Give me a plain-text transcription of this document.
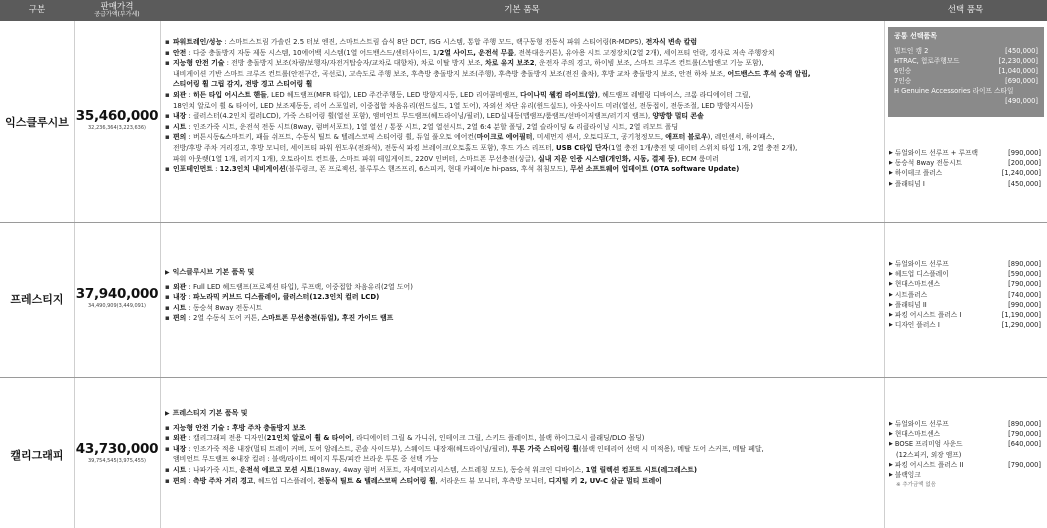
구분	판매가격
공급가액(부가세)	기본 품목	선택 품목
익스클루시브 35,460,000
32,236,364(3,223,636)
▪ 파워트레인/성능 : 스마트스트림 가솔린 2.5 터보 엔진, 스마트스트림 습식 8단 DCT, ISG 시스템, 통합 주행 모드, 랙구동형 전동식 파워 스티어링(R-MDPS), 전자식 변속 칼럼
▪ 안전 : 다중 충돌방지 자동 제동 시스템, 10에어백 시스템(1열 어드밴스드/센터사이드, 1/2열 사이드, 운전석 무릎, 전복대응커튼), 유아용 시트 고정장치(2열 2개), 세이프티 언락, 경사로 저속 주행장치
▪ 지능형 안전 기술 : 전방 충돌방지 보조(차량/보행자/자전거탑승자/교차로 대향차), 차로 이탈 방지 보조, 차로 유지 보조2, 운전자 주의 경고, 하이빔 보조, 스마트 크루즈 컨트롤(스탑앤고 기능 포함),
내비게이션 기반 스마트 크루즈 컨트롤(안전구간, 곡선로), 고속도로 주행 보조, 후측방 충돌방지 보조(주행), 후측방 충돌방지 보조(전진 출차), 후방 교차 충돌방지 보조, 안전 하차 보조, 어드밴스드 후석 승객 알림,
스티어링 휠 그립 감지, 전방 경고 스티어링 휠
▪ 외관 : 히든 타입 어시스트 핸들, LED 헤드램프(MFR 타입), LED 주간주행등, LED 방향지시등, LED 리어콤비램프, 다이나믹 웰컴 라이트(앞), 헤드램프 레벨링 디바이스, 크롬 라디에이터 그릴,
18인치 알로이 휠 & 타이어, LED 보조제동등, 리어 스포일러, 이중접합 차음유리(윈드실드, 1열 도어), 자외선 차단 유리(윈드실드), 아웃사이드 미러(열선, 전동접이, 전동조절, LED 방향지시등)
▪ 내장 : 클러스터(4.2인치 컬러LCD), 가죽 스티어링 휠(열선 포함), 앰비언트 무드램프(헤드라이닝/필러), LED실내등(맵램프/룸램프/선바이저램프/러기지 램프), 양방향 멀티 콘솔
▪ 시트 : 인조가죽 시트, 운전석 전동 시트(8way, 럼버서포트), 1열 열선 / 통풍 시트, 2열 열선시트, 2열 6:4 분할 폴딩, 2열 슬라이딩 & 리클라이닝 시트, 2열 리모트 폴딩
▪ 편의 : 버튼시동&스마트키, 패들 쉬프트, 수동식 틸트 & 텔레스코픽 스티어링 휠, 듀얼 풀오토 에어컨(마이크로 에어필터, 미세먼지 센서, 오토디포그, 공기청정모드, 애프터 블로우), 레인센서, 하이패스,
전방/후방 주차 거리경고, 후방 모니터, 세이프티 파워 윈도우(전좌석), 전동식 파킹 브레이크(오토홀드 포함), 후드 가스 리프터, USB C타입 단자(1열 충전 1개/충전 및 데이터 스위치 타입 1개, 2열 충전 2개),
파워 아웃렛(1열 1개, 러기지 1개), 오토라이트 컨트롤, 스마트 파워 테일게이트, 220V 인버터, 스마트폰 무선충전(싱글), 실내 지문 인증 시스템(개인화, 시동, 결제 등), ECM 룸미러
▪ 인포테인먼트 : 12.3인치 내비게이션(블루링크, 폰 프로젝션, 블루투스 핸즈프리, 6스피커, 현대 카페이/e hi-pass, 후석 취침모드), 무선 소프트웨어 업데이트 (OTA software Update)
공통 선택품목
빌트인 캠 2	[450,000]
HTRAC, 험로주행모드	[2,230,000]
6인승	[1,040,000]
7인승	[690,000]
H Genuine Accessories 라이프 스타일
[490,000]
▶ 듀얼와이드 선루프 + 루프랙	[990,000]
▶ 동승석 8way 전동시트	[200,000]
▶ 하이테크 플러스	[1,240,000]
▶ 플래티넘 I	[450,000]
프레스티지 37,940,000
34,490,909(3,449,091)
▶ 익스클루시브 기본 품목 및
▪ 외관 : Full LED 헤드램프(프로젝션 타입), 루프랙, 이중접합 차음유리(2열 도어)
▪ 내장 : 파노라믹 커브드 디스플레이, 클러스터(12.3인치 컬러 LCD)
▪ 시트 : 동승석 8way 전동시트
▪ 편의 : 2열 수동식 도어 커튼, 스마트폰 무선충전(듀얼), 후진 가이드 램프
▶ 듀얼와이드 선루프	[890,000]
▶ 헤드업 디스플레이	[590,000]
▶ 현대스마트센스	[790,000]
▶ 시트플러스	[740,000]
▶ 플래티넘 II	[990,000]
▶ 파킹 어시스트 플러스 I	[1,190,000]
▶ 디자인 플러스 I	[1,290,000]
캘리그래피 43,730,000
39,754,545(3,975,455)
▶ 프레스티지 기본 품목 및
▪ 지능형 안전 기술 : 후방 주차 충돌방지 보조
▪ 외관 : 캘리그래피 전용 디자인(21인치 알로이 휠 & 타이어, 라디에이터 그릴 & 가니쉬, 인테이크 그릴, 스키드 플레이트, 블랙 하이그로시 클래딩/DLO 몰딩)
▪ 내장 : 인조가죽 적용 내장(멀티 트레이 커버, 도어 암레스트, 콘솔 사이드부), 스웨이드 내장재(헤드라이닝/필러), 투톤 가죽 스티어링 휠(블랙 인테리어 선택 시 미적용), 메탈 도어 스커프, 메탈 페달,
앰비언트 무드램프 ※내장 컬러 : 블랙/라이트 베이지 투톤/피칸 브라운 투톤 중 선택 가능
▪ 시트 : 나파가죽 시트, 운전석 에르고 모션 시트(18way, 4way 럼버 서포트, 자세메모리시스템, 스트레칭 모드), 동승석 워크인 디바이스, 1열 릴렉션 컴포트 시트(레그레스트)
▪ 편의 : 측방 주차 거리 경고, 헤드업 디스플레이, 전동식 틸트 & 텔레스코픽 스티어링 휠, 서라운드 뷰 모니터, 후측방 모니터, 디지털 키 2, UV-C 살균 멀티 트레이
▶ 듀얼와이드 선루프	[890,000]
▶ 현대스마트센스	[790,000]
▶ BOSE 프리미엄 사운드	[640,000]
(12스피커, 외장 앰프)
▶ 파킹 어시스트 플러스 II	[790,000]
▶ 블랙잉크
※ 추가금액 없음
